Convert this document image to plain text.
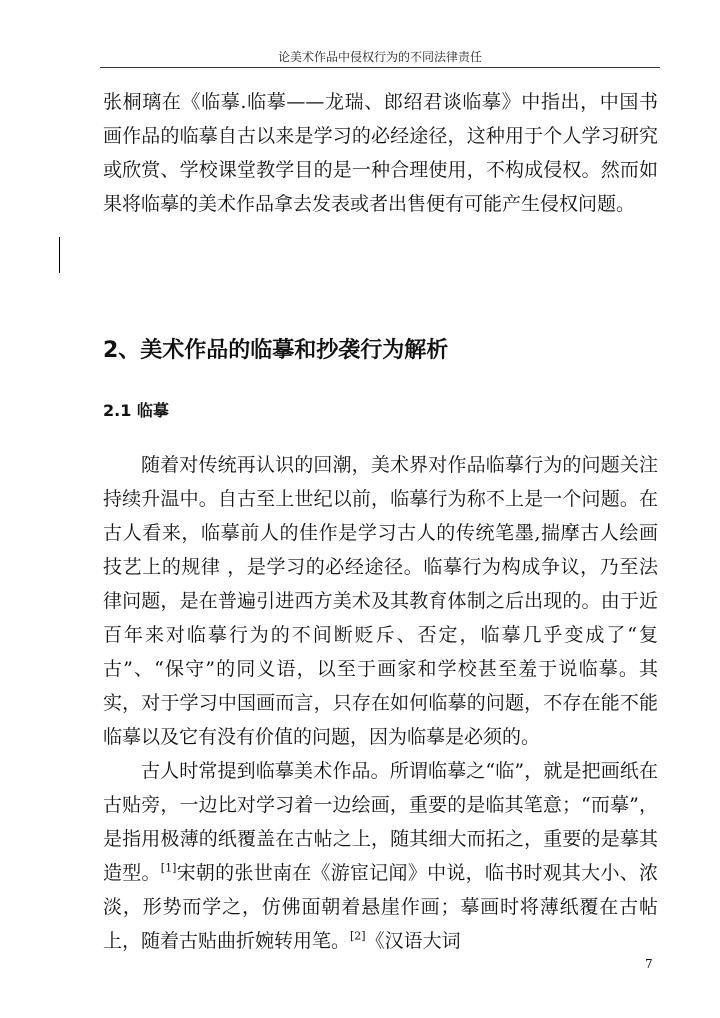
论美术作品中侵权行为的不同法律责任

张桐璃在《临摹.临摹——龙瑞、郎绍君谈临摹》中指出，中国书画作品的临摹自古以来是学习的必经途径，这种用于个人学习研究或欣赏、学校课堂教学目的是一种合理使用，不构成侵权。然而如果将临摹的美术作品拿去发表或者出售便有可能产生侵权问题。

2、美术作品的临摹和抄袭行为解析
2.1 临摹

随着对传统再认识的回潮，美术界对作品临摹行为的问题关注持续升温中。自古至上世纪以前，临摹行为称不上是一个问题。在古人看来，临摹前人的佳作是学习古人的传统笔墨,揣摩古人绘画技艺上的规律 ，是学习的必经途径。临摹行为构成争议，乃至法律问题，是在普遍引进西方美术及其教育体制之后出现的。由于近百年来对临摹行为的不间断贬斥、否定，临摹几乎变成了“复古”、“保守”的同义语，以至于画家和学校甚至羞于说临摹。其实，对于学习中国画而言，只存在如何临摹的问题，不存在能不能临摹以及它有没有价值的问题，因为临摹是必须的。

古人时常提到临摹美术作品。所谓临摹之“临”，就是把画纸在古贴旁，一边比对学习着一边绘画，重要的是临其笔意；“而摹”，是指用极薄的纸覆盖在古帖之上，随其细大而拓之，重要的是摹其造型。[1]宋朝的张世南在《游宦记闻》中说，临书时观其大小、浓淡，形势而学之，仿佛面朝着悬崖作画；摹画时将薄纸覆在古帖上，随着古贴曲折婉转用笔。[2]《汉语大词

7
